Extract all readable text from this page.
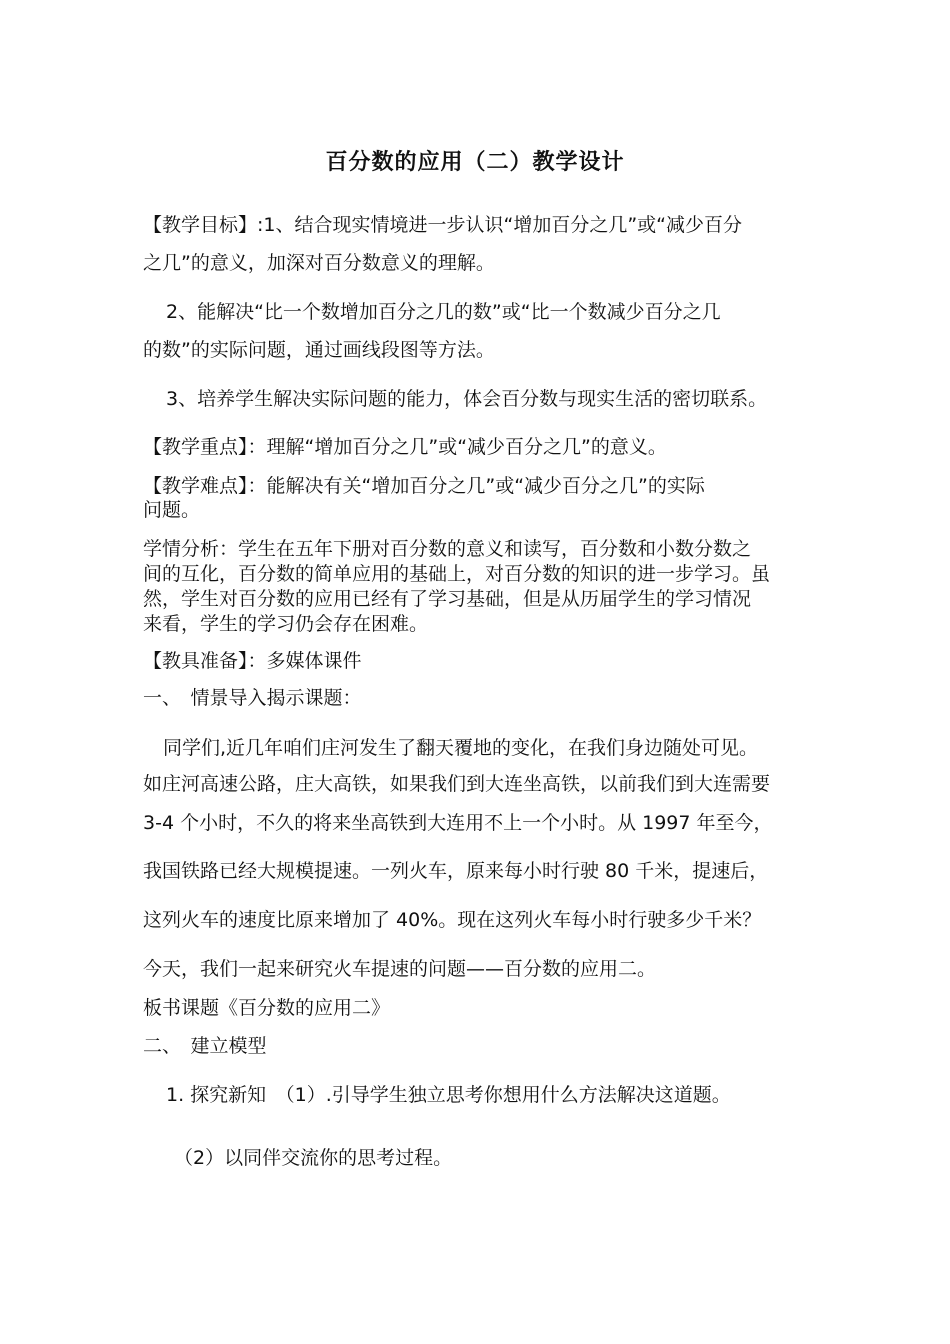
百分数的应用（二）教学设计
【教学目标】:1、结合现实情境进一步认识“增加百分之几”或“减少百分
之几”的意义，加深对百分数意义的理解。
2、能解决“比一个数增加百分之几的数”或“比一个数减少百分之几
的数”的实际问题，通过画线段图等方法。
3、培养学生解决实际问题的能力，体会百分数与现实生活的密切联系。
【教学重点】：理解“增加百分之几”或“减少百分之几”的意义。
【教学难点】：能解决有关“增加百分之几”或“减少百分之几”的实际
问题。
学情分析：学生在五年下册对百分数的意义和读写，百分数和小数分数之
间的互化，百分数的简单应用的基础上，对百分数的知识的进一步学习。虽
然，学生对百分数的应用已经有了学习基础，但是从历届学生的学习情况
来看，学生的学习仍会存在困难。
【教具准备】：多媒体课件
一、　情景导入揭示课题：
同学们,近几年咱们庄河发生了翻天覆地的变化，在我们身边随处可见。
如庄河高速公路，庄大高铁，如果我们到大连坐高铁，以前我们到大连需要
3-4 个小时，不久的将来坐高铁到大连用不上一个小时。从 1997 年至今，
我国铁路已经大规模提速。一列火车，原来每小时行驶 80 千米，提速后，
这列火车的速度比原来增加了 40%。现在这列火车每小时行驶多少千米？
今天，我们一起来研究火车提速的问题——百分数的应用二。
板书课题《百分数的应用二》
二、　建立模型
1. 探究新知　（1）.引导学生独立思考你想用什么方法解决这道题。
（2）以同伴交流你的思考过程。
